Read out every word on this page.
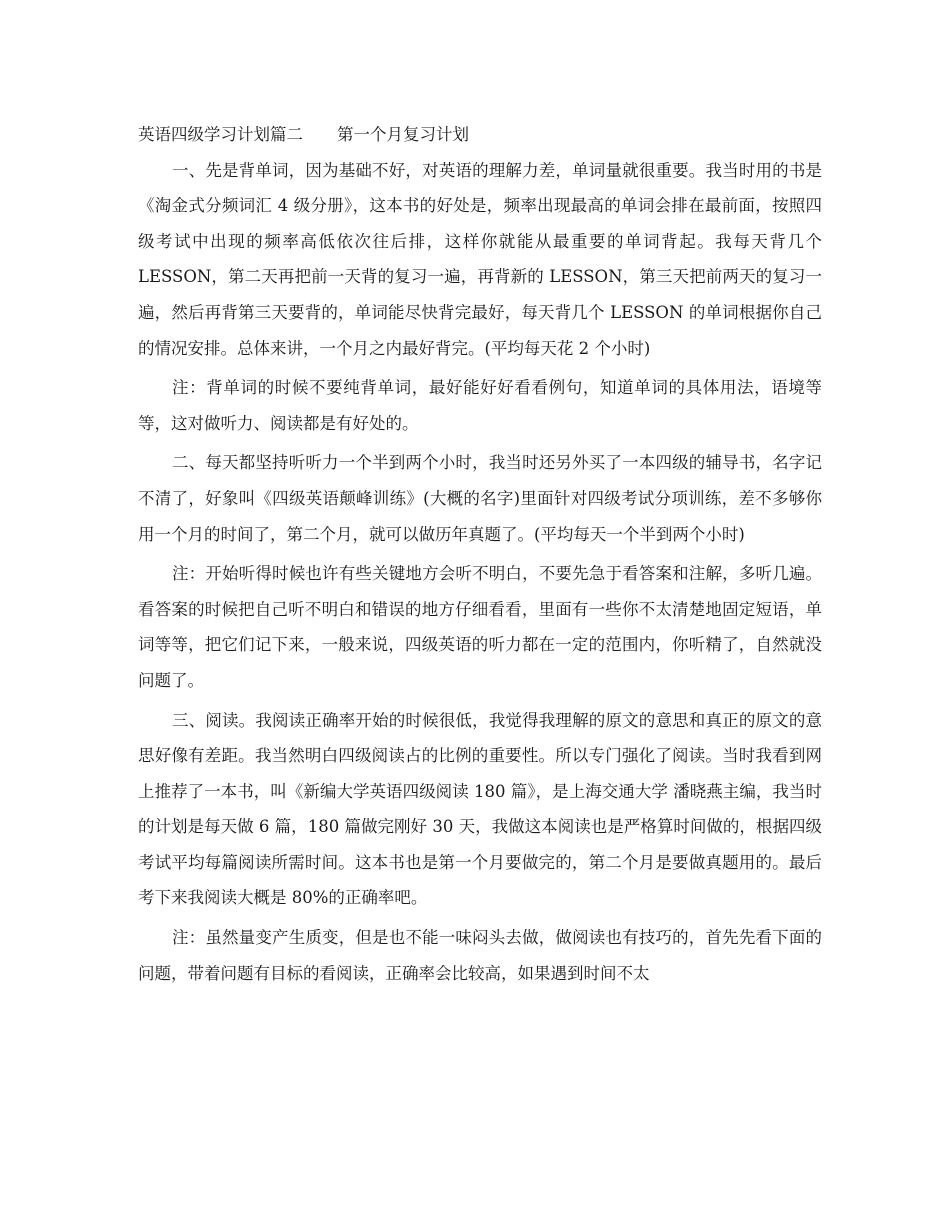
英语四级学习计划篇二 第一个月复习计划

一、先是背单词，因为基础不好，对英语的理解力差，单词量就很重要。我当时用的书是《淘金式分频词汇 4 级分册》，这本书的好处是，频率出现最高的单词会排在最前面，按照四级考试中出现的频率高低依次往后排，这样你就能从最重要的单词背起。我每天背几个 LESSON，第二天再把前一天背的复习一遍，再背新的 LESSON，第三天把前两天的复习一遍，然后再背第三天要背的，单词能尽快背完最好，每天背几个 LESSON 的单词根据你自己的情况安排。总体来讲，一个月之内最好背完。(平均每天花 2 个小时)

注：背单词的时候不要纯背单词，最好能好好看看例句，知道单词的具体用法，语境等等，这对做听力、阅读都是有好处的。

二、每天都坚持听听力一个半到两个小时，我当时还另外买了一本四级的辅导书，名字记不清了，好象叫《四级英语颠峰训练》(大概的名字)里面针对四级考试分项训练，差不多够你用一个月的时间了，第二个月，就可以做历年真题了。(平均每天一个半到两个小时)

注：开始听得时候也许有些关键地方会听不明白，不要先急于看答案和注解，多听几遍。看答案的时候把自己听不明白和错误的地方仔细看看，里面有一些你不太清楚地固定短语，单词等等，把它们记下来，一般来说，四级英语的听力都在一定的范围内，你听精了，自然就没问题了。

三、阅读。我阅读正确率开始的时候很低，我觉得我理解的原文的意思和真正的原文的意思好像有差距。我当然明白四级阅读占的比例的重要性。所以专门强化了阅读。当时我看到网上推荐了一本书，叫《新编大学英语四级阅读 180 篇》，是上海交通大学 潘晓燕主编，我当时的计划是每天做 6 篇，180 篇做完刚好 30 天，我做这本阅读也是严格算时间做的，根据四级考试平均每篇阅读所需时间。这本书也是第一个月要做完的，第二个月是要做真题用的。最后考下来我阅读大概是 80%的正确率吧。

注：虽然量变产生质变，但是也不能一味闷头去做，做阅读也有技巧的，首先先看下面的问题，带着问题有目标的看阅读，正确率会比较高，如果遇到时间不太
